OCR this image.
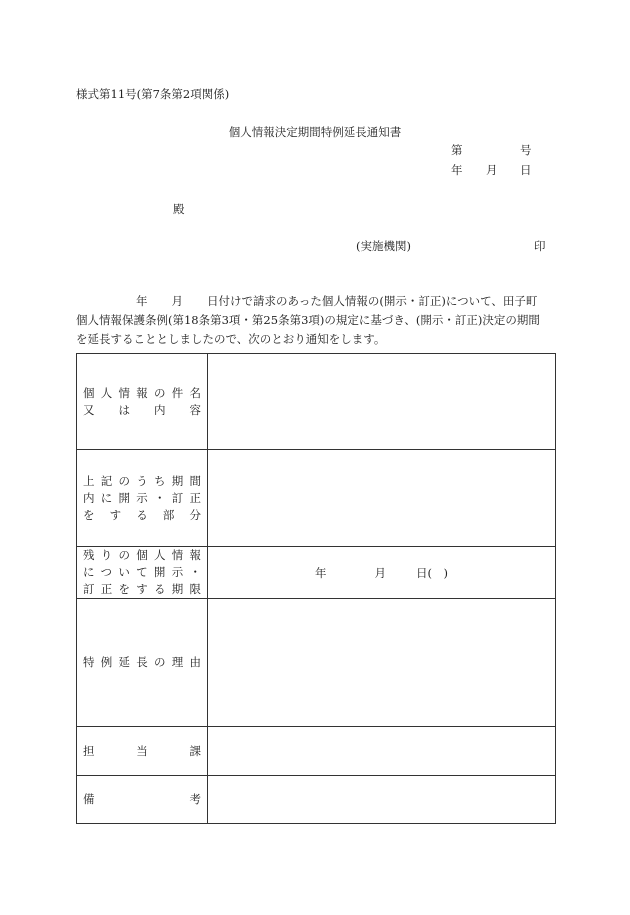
様式第11号(第7条第2項関係)
個人情報決定期間特例延長通知書
第	号
年 月 日
殿
(実施機関)	印
年 月 日付けで請求のあった個人情報の(開示・訂正)について、田子町
個人情報保護条例(第18条第3項・第25条第3項)の規定に基づき、(開示・訂正)決定の期間
を延長することとしましたので、次のとおり通知をします。
個人情報の件名
又は内容	

上記のうち期間
内に開示・訂正
をする部分	

残りの個人情報
について開示・
訂正をする期限	年 月 日(　)

特例延長の理由	

担当課	

備考	
